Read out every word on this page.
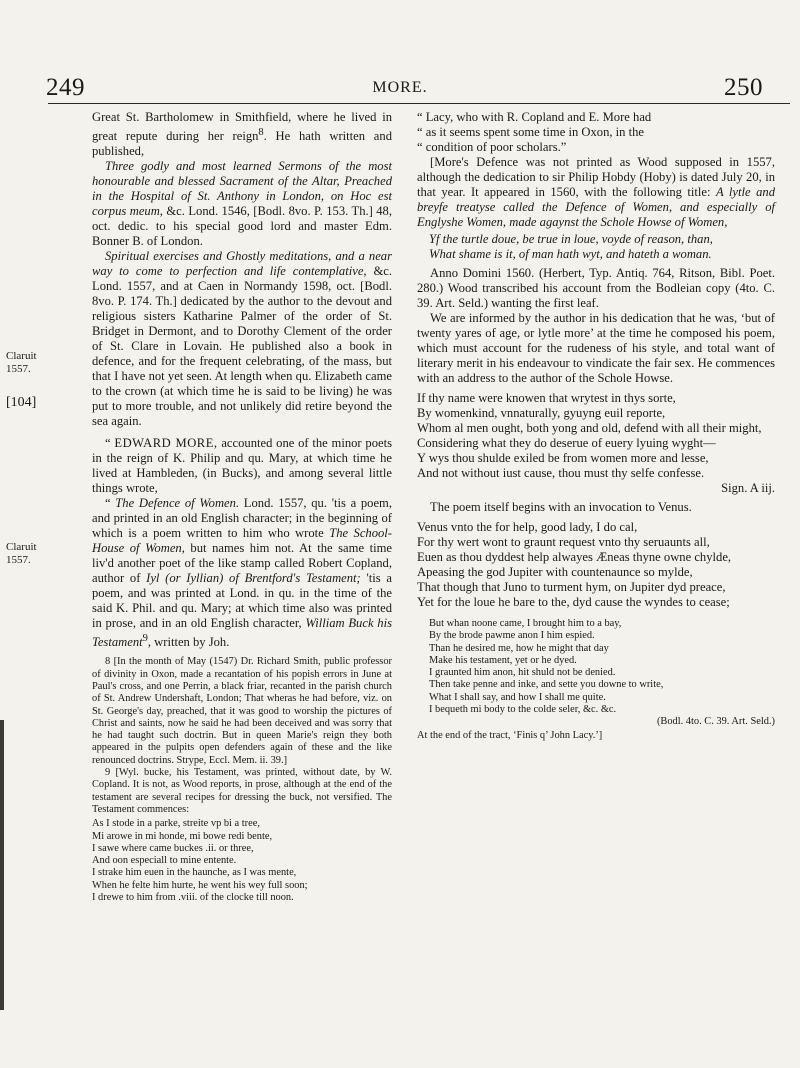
249	MORE.	250
Claruit
1557.
[104]
Claruit
1557.

Great St. Bartholomew in Smithfield, where he lived in great repute during her reign$^8$. He hath written and published,

Three godly and most learned Sermons of the most honourable and blessed Sacrament of the Altar, Preached in the Hospital of St. Anthony in London, on Hoc est corpus meum, &c. Lond. 1546, [Bodl. 8vo. P. 153. Th.] 48, oct. dedic. to his special good lord and master Edm. Bonner B. of London.

Spiritual exercises and Ghostly meditations, and a near way to come to perfection and life contemplative, &c. Lond. 1557, and at Caen in Normandy 1598, oct. [Bodl. 8vo. P. 174. Th.] dedicated by the author to the devout and religious sisters Katharine Palmer of the order of St. Bridget in Dermont, and to Dorothy Clement of the order of St. Clare in Lovain. He published also a book in defence, and for the frequent celebrating, of the mass, but that I have not yet seen. At length when qu. Elizabeth came to the crown (at which time he is said to be living) he was put to more trouble, and not unlikely did retire beyond the sea again.

“ EDWARD MORE, accounted one of the minor poets in the reign of K. Philip and qu. Mary, at which time he lived at Hambleden, (in Bucks), and among several little things wrote,

“ The Defence of Women. Lond. 1557, qu. 'tis a poem, and printed in an old English character; in the beginning of which is a poem written to him who wrote The School-House of Women, but names him not. At the same time liv'd another poet of the like stamp called Robert Copland, author of Iyl (or Iyllian) of Brentford's Testament; 'tis a poem, and was printed at Lond. in qu. in the time of the said K. Phil. and qu. Mary; at which time also was printed in prose, and in an old English character, William Buck his Testament$^9$, written by Joh.

8 [In the month of May (1547) Dr. Richard Smith, public professor of divinity in Oxon, made a recantation of his popish errors in June at Paul's cross, and one Perrin, a black friar, recanted in the parish church of St. Andrew Undershaft, London; That wheras he had before, viz. on St. George's day, preached, that it was good to worship the pictures of Christ and saints, now he said he had been deceived and was sorry that he had taught such doctrin. But in queen Marie's reign they both appeared in the pulpits open defenders again of these and the like renounced doctrins. Strype, Eccl. Mem. ii. 39.]

9 [Wyl. bucke, his Testament, was printed, without date, by W. Copland. It is not, as Wood reports, in prose, although at the end of the testament are several recipes for dressing the buck, not versified. The Testament commences:

As I stode in a parke, streite vp bi a tree,

Mi arowe in mi honde, mi bowe redi bente,

I sawe where came buckes .ii. or three,

And oon especiall to mine entente.

I strake him euen in the haunche, as I was mente,

When he felte him hurte, he went his wey full soon;

I drewe to him from .viii. of the clocke till noon.

“ Lacy, who with R. Copland and E. More had

“ as it seems spent some time in Oxon, in the

“ condition of poor scholars.”

[More's Defence was not printed as Wood supposed in 1557, although the dedication to sir Philip Hobdy (Hoby) is dated July 20, in that year. It appeared in 1560, with the following title: A lytle and breyfe treatyse called the Defence of Women, and especially of Englyshe Women, made agaynst the Schole Howse of Women,

Yf the turtle doue, be true in loue, voyde of reason, than,

What shame is it, of man hath wyt, and hateth a woman.

Anno Domini 1560. (Herbert, Typ. Antiq. 764, Ritson, Bibl. Poet. 280.) Wood transcribed his account from the Bodleian copy (4to. C. 39. Art. Seld.) wanting the first leaf.

We are informed by the author in his dedication that he was, ‘but of twenty yares of age, or lytle more’ at the time he composed his poem, which must account for the rudeness of his style, and total want of literary merit in his endeavour to vindicate the fair sex. He commences with an address to the author of the Schole Howse.

If thy name were knowen that wrytest in thys sorte,

By womenkind, vnnaturally, gyuyng euil reporte,

Whom al men ought, both yong and old, defend with all their might,

Considering what they do deserue of euery lyuing wyght—

Y wys thou shulde exiled be from women more and lesse,

And not without iust cause, thou must thy selfe confesse.

Sign. A iij.

The poem itself begins with an invocation to Venus.

Venus vnto the for help, good lady, I do cal,

For thy wert wont to graunt request vnto thy seruaunts all,

Euen as thou dyddest help alwayes Æneas thyne owne chylde,

Apeasing the god Jupiter with countenaunce so mylde,

That though that Juno to turment hym, on Jupiter dyd preace,

Yet for the loue he bare to the, dyd cause the wyndes to cease;

But whan noone came, I brought him to a bay,

By the brode pawme anon I him espied.

Than he desired me, how he might that day

Make his testament, yet or he dyed.

I graunted him anon, hit shuld not be denied.

Then take penne and inke, and sette you downe to write,

What I shall say, and how I shall me quite.

I bequeth mi body to the colde seler, &c. &c.

(Bodl. 4to. C. 39. Art. Seld.)

At the end of the tract, ‘Finis q’ John Lacy.’]
